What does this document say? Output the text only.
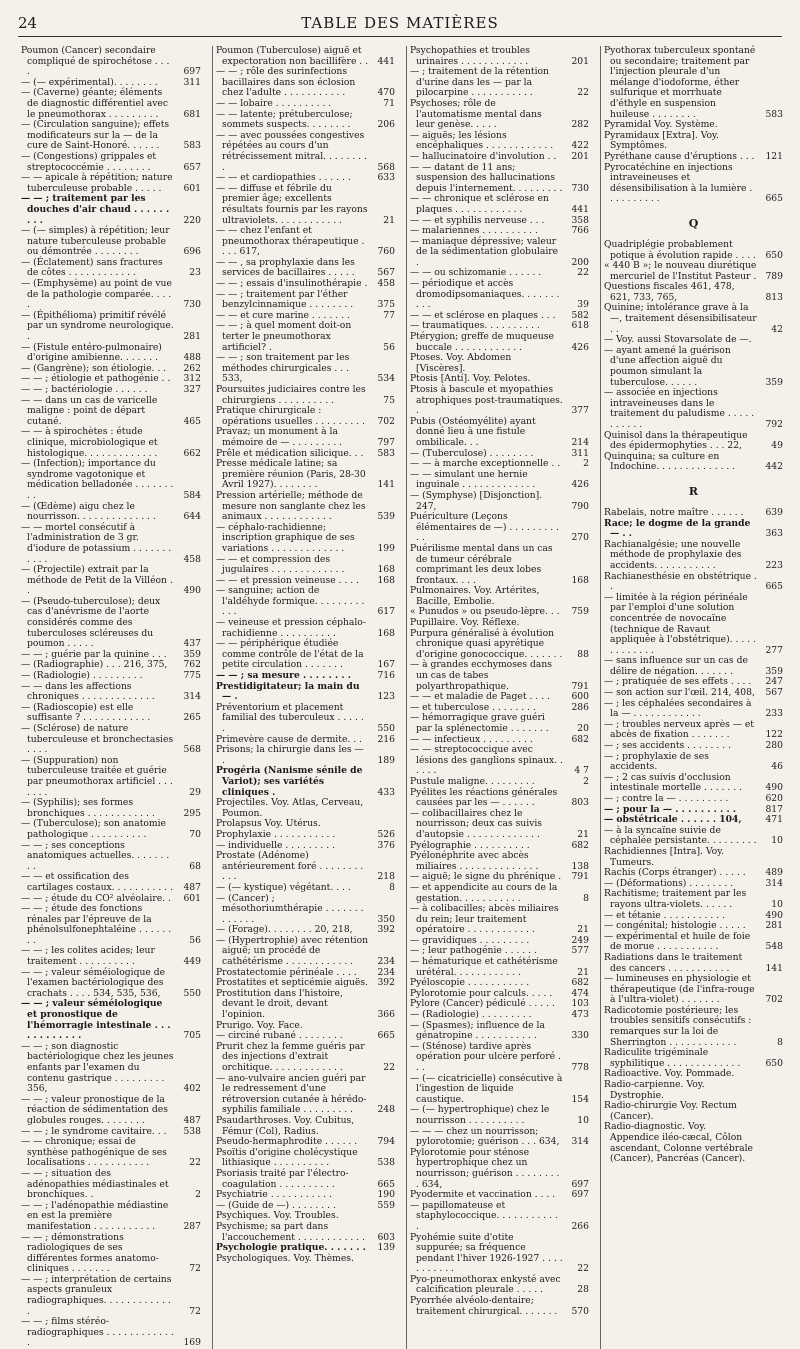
24	TABLE DES MATIÈRES
Poumon (Cancer) secondaire compliqué de spirochétose . . . .	697
— (— expérimental). . . . . . . .	311
— (Caverne) géante; éléments de diagnostic différentiel avec le pneumothorax . . . . . . . . .	681
— (Circulation sanguine); effets modificateurs sur la — de la cure de Saint-Honoré. . . . . .	583
— (Congestions) grippales et streptococcémie . . . . . . . .	657
— — apicale à répétition; nature tuberculeuse probable . . . . . 601
— — ; traitement par les douches d'air chaud . . . . . . . . .	220
— (— simples) à répétition; leur nature tuberculeuse probable ou démontrée . . . . . . . .	696
— (Éclatement) sans fractures de côtes . . . . . . . . . . . .	23
— (Emphysème) au point de vue de la pathologie comparée. . . . .	730
— (Épithélioma) primitif révélé par un syndrome neurologique. .	281
— (Fistule entéro-pulmonaire) d'origine amibienne. . . . . . .	488
— (Gangrène); son étiologie. . . 262
— — ; étiologie et pathogénie . . 312
— — ; bactériologie . . . . . .	327
— — dans un cas de varicelle maligne : point de départ cutané.	465
— — à spirochètes : étude clinique, microbiologique et histologique. . . . . . . . . . . . .	662
— (Infection); importance du syndrome vagotonique et médication belladonée . . . . . . . . .	584
— (Œdème) aigu chez le nourrisson. . . . . . . . . . . . . .	644
— — mortel consécutif à l'administration de 3 gr. d'iodure de potassium . . . . . . . . . . .	458
— (Projectile) extrait par la méthode de Petit de la Villéon . .	490
— (Pseudo-tuberculose); deux cas d'anévrisme de l'aorte considérés comme des tuberculoses scléreuses du poumon . . . . .	437
— — ; guérie par la quinine . . . 359
— (Radiographie) . . . 216, 375, 762
— (Radiologie) . . . . . . . . .	775
— — dans les affections chroniques . . . . . . . . . . . . .	314
— (Radioscopie) est elle suffisante ? . . . . . . . . . . . .	265
— (Sclérose) de nature tuberculeuse et bronchectasies . . . .	568
— (Suppuration) non tuberculeuse traitée et guérie par pneumothorax artificiel . . . . . . .	29
— (Syphilis); ses formes bronchiques . . . . . . . . . . . .	295
— (Tuberculose); son anatomie pathologique . . . . . . . . . .	70
— — ; ses conceptions anatomiques actuelles. . . . . . . . .	68
— — et ossification des cartilages costaux. . . . . . . . . . . 487
— — ; étude du CO² alvéolaire. . 601
— — ; étude des fonctions rénales par l'épreuve de la phénolsulfonephtaléine . . . . . . . .	56
— — ; les colites acides; leur traitement . . . . . . . . . .	449
— — ; valeur séméiologique de l'examen bactériologique des crachats . . . . 534, 535, 536, 550
— — ; valeur séméiologique et pronostique de l'hémorragie intestinale . . . . . . . . . . . .	705
— — ; son diagnostic bactériologique chez les jeunes enfants par l'examen du contenu gastrique . . . . . . . . . 356,	402
— — ; valeur pronostique de la réaction de sédimentation des globules rouges. . . . . . . .	487
— — ; le syndrome cavitaire. . . 538
— — chronique; essai de synthèse pathogénique de ses localisations . . . . . . . . . . .	22
— — ; situation des adénopathies médiastinales et bronchiques. .	2
— — ; l'adénopathie médiastine en est la première manifestation . . . . . . . . . . .	287
— — ; démonstrations radiologiques de ses différentes formes anatomo-cliniques . . . . . . .	72
— — ; interprétation de certains aspects granuleux radiographiques. . . . . . . . . . . . .	72
— — ; films stéréo-radiographiques . . . . . . . . . . . . .	169
Poumon (Tuberculose) aiguë et expectoration non bacillifère . . 441
— — ; rôle des surinfections bacillaires dans son éclosion chez l'adulte . . . . . . . . . . .	470
— — lobaire . . . . . . . . . .	71
— — latente; prétuberculose; sommets suspects. . . . . . . .	206
— — avec poussées congestives répétées au cours d'un rétrécissement mitral. . . . . . . . .	568
— — et cardiopathies . . . . . .	633
— — diffuse et fébrile du premier âge; excellents résultats fournis par les rayons ultraviolets. . . . . . . . . . . .	21
— — chez l'enfant et pneumothorax thérapeutique . . . . 617,	760
— — , sa prophylaxie dans les services de bacillaires . . . . . 567
— — ; essais d'insulinothérapie . 458
— — ; traitement par l'éther benzylcinnamique . . . . . . . .	375
— — et cure marine . . . . . . .	77
— — ; à quel moment doit-on terter le pneumothorax artificiel? .	56
— — ; son traitement par les méthodes chirurgicales . . . 533,	534
Poursuites judiciaires contre les chirurgiens . . . . . . . . . .	75
Pratique chirurgicale : opérations usuelles . . . . . . . . . 702
Pravaz; un monument à la mémoire de — . . . . . . . . .	797
Prêle et médication silicique. . . 583
Presse médicale latine; sa première réunion (Paris, 28-30 Avril 1927). . . . . . . .	141
Pression artérielle; méthode de mesure non sanglante chez les animaux . . . . . . . . . . . .	539
— céphalo-rachidienne; inscription graphique de ses variations . . . . . . . . . . . . .	199
— — et compression des jugulaires . . . . . . . . . . . . .	168
— — et pression veineuse . . . . 168
— sanguine; action de l'aldéhyde formique. . . . . . . . . . . .	617
— veineuse et pression céphalo-rachidienne . . . . . . . . . .	168
— — périphérique étudiée comme contrôle de l'état de la petite circulation . . . . . . .	167
— — ; sa mesure . . . . . . . .	716
Prestidigitateur; la main du — .	123
Préventorium et placement familial des tuberculeux . . . . . .	550
Primevère cause de dermite. . . 216
Prisons; la chirurgie dans les — .	189
Progéria (Nanisme sénile de Variot); ses variétés cliniques .	433
Projectiles. Voy. Atlas, Cerveau, Poumon.
Prolapsus Voy. Utérus.
Prophylaxie . . . . . . . . . . .	526
— individuelle . . . . . . . . .	376
Prostate (Adénome) antérieurement foré . . . . . . . . . . .	218
— (— kystique) végétant. . . .	8
— (Cancer) ; mésothoriumthérapie . . . . . . . . . . . . .	350
— (Forage). . . . . . . . 20, 218,	392
— (Hypertrophie) avec rétention aiguë; un procédé de cathétérisme . . . . . . . . . . . .	234
Prostatectomie périnéale . . . . 234
Prostatites et septicémie aiguës. 392
Prostitution dans l'histoire, devant le droit, devant l'opinion.	366
Prurigo. Voy. Face.
— circiné rubané . . . . . . . .	665
Prurit chez la femme guéris par des injections d'extrait orchitique. . . . . . . . . . . . .	22
— ano-vulvaire ancien guéri par le redressement d'une rétroversion cutanée à hérédo-syphilis familiale . . . . . . . . .	248
Psaudarthroses. Voy. Cubitus, Fémur (Col), Radius.
Pseudo-hermaphrodite . . . . . . 794
Psoïtis d'origine cholécystique lithiasique . . . . . . . . . .	538
Psoriasis traité par l'électro-coagulation . . . . . . . . . .	665
Psychiatrie . . . . . . . . . . .	190
— (Guide de —) . . . . . . . .	559
Psychiques. Voy. Troubles.
Psychisme; sa part dans l'accouchement . . . . . . . . . . . . 603
Psychologie pratique. . . . . . . 139
Psychologiques. Voy. Thèmes.
Psychopathies et troubles urinaires . . . . . . . . . . . .	201
— ; traitement de la rétention d'urine dans les — par la pilocarpine . . . . . . . . . . .	22
Psychoses; rôle de l'automatisme mental dans leur genèse. . . . .	282
— aiguës; les lésions encéphaliques . . . . . . . . . . . . 422
— hallucinatoire d'involution . . 201
— — datant de 11 ans; suspension des hallucinations depuis l'internement. . . . . . . . . 730
— — chronique et sclérose en plaques . . . . . . . . . . . .	441
— — et syphilis nerveuse . . .	358
— malariennes . . . . . . . . . .	766
— maniaque dépressive; valeur de la sédimentation globulaire .	200
— — ou schizomanie . . . . . .	22
— périodique et accès dromodipsomaniaques. . . . . . . . . .	39
— — et sclérose en plaques . . . 582
— traumatiques. . . . . . . . . .	618
Ptérygion; greffe de muqueuse buccale . . . . . . . . . . . .	426
Ptoses. Voy. Abdomen [Viscères].
Ptosis [Antí]. Voy. Pelotes.
Ptosis à bascule et myopathies atrophiques post-traumatiques. .	377
Pubis (Ostéomyélite) ayant donné lieu à une fistule ombilicale. . .	214
— (Tuberculose) . . . . . . . .	311
— — à marche exceptionnelle . .	2
— — simulant une hernie inguinale . . . . . . . . . . . . .	426
— (Symphyse) [Disjonction]. 247,	790
Puériculture (Leçons élémentaires de —) . . . . . . . . . . .	270
Puérilisme mental dans un cas de tumeur cérébrale comprimant les deux lobes frontaux. . . .	168
Pulmonaires. Voy. Artérites, Bacille, Embolie.
« Punudos » ou pseudo-lèpre. . . 759
Pupillaire. Voy. Réflexe.
Purpura généralisé à évolution chronique quasi apyrétique d'origine gonococcique. . . . . . . 88
— à grandes ecchymoses dans un cas de tabes polyarthropathique.	791
— — et maladie de Paget . . . . 600
— et tuberculose . . . . . . . .	286
— hémorragique grave guéri par la splénectomie . . . . . . .	20
— — infectieux . . . . . . . . .	682
— — streptococcique avec lésions des ganglions spinaux. . . . . .	4 7
Pustule maligne. . . . . . . . .	2
Pyélites les réactions générales causées par les — . . . . . .	803
— colibacillaires chez le nourrisson; deux cas suivis d'autopsie . . . . . . . . . . . . .	21
Pyélographie . . . . . . . . . .	682
Pyélonéphrite avec abcès miliaires . . . . . . . . . . . . . .	138
— aiguë; le signe du phrénique . 791
— et appendicite au cours de la gestation. . . . . . . . . . .	8
— à colibacilles; abcès miliaires du rein; leur traitement opératoire . . . . . . . . . . . .	21
— gravidiques . . . . . . . . .	249
— ; leur pathogénie . . . . . .	577
— hématurique et cathétérisme urétéral. . . . . . . . . . . .	21
Pyéloscopie . . . . . . . . . . .	682
Pylorotomie pour calculs. . . . . 474
Pylore (Cancer) pédiculé . . . . . 103
— (Radiologie) . . . . . . . . .	473
— (Spasmes); influence de la génatropine . . . . . . . . . . .	330
— (Sténose) tardive après opération pour ulcère perforé . . .	778
— (— cicatricielle) consécutive à l'ingestion de liquide caustique.	154
— (— hypertrophique) chez le nourrisson . . . . . . . . . .	10
— — — chez un nourrisson; pylorotomie; guérison . . . 634, 314
Pylorotomie pour sténose hypertrophique chez un nourrisson; guérison . . . . . . . . . 634,	697
Pyodermite et vaccination . . . . 697
— papillomateuse et staphylococcique. . . . . . . . . . . .	266
Pyohémie suite d'otite suppurée; sa fréquence pendant l'hiver 1926-1927 . . . . . . . . . . .	22
Pyo-pneumothorax enkysté avec calcification pleurale . . . . .	28
Pyorrhée alvéolo-dentaire; traitement chirurgical. . . . . . . 570
Pyothorax tuberculeux spontané ou secondaire; traitement par l'injection pleurale d'un mélange d'iodoforme, éther sulfurique et morrhuate d'éthyle en suspension huileuse . . . . . . . .	583
Pyramidal Voy. Système.
Pyramidaux [Extra]. Voy. Symptômes.
Pyréthane cause d'éruptions . . . 121
Pyrocatéchine en injections intraveineuses et désensibilisation à la lumière . . . . . . . . . .	665
Q
Quadriplégie probablement potique à évolution rapide . . . . 650
« 440 B »; le nouveau diurétique mercuriel de l'Institut Pasteur . 789
Questions fiscales 461, 478, 621, 733, 765,	813
Quinine; intolérance grave à la —, traitement désensibilisateur . .	42
— Voy. aussi Stovarsolate de —.
— ayant amené la guérison d'une affection aiguë du poumon simulant la tuberculose. . . . . .	359
— associée en injections intraveineuses dans le traitement du paludisme . . . . . . . . . . .	792
Quinisol dans la thérapeutique des épidermophyties . . . 22,	49
Quinquina; sa culture en Indochine. . . . . . . . . . . . . .	442
R
Rabelais, notre maître . . . . . . 639
Race; le dogme de la grande — . .	363
Rachianalgésie; une nouvelle méthode de prophylaxie des accidents. . . . . . . . . . .	223
Rachianesthésie en obstétrique . .	665
— limitée à la région périnéale par l'emploi d'une solution concentrée de novocaïne (technique de Ravaut appliquée à l'obstétrique). . . . . . . . . . . . .	277
— sans influence sur un cas de délire de négation. . . . . . .	359
— ; pratiquée de ses effets . . . . 247
— son action sur l'œil. 214, 408, 567
— ; les céphalées secondaires à la — . . . . . . . . . . . .	233
— ; troubles nerveux après — et abcès de fixation . . . . . . .	122
— ; ses accidents . . . . . . . .	280
— ; prophylaxie de ses accidents.	46
— ; 2 cas suivis d'occlusion intestinale mortelle . . . . . . .	490
— ; contre la — . . . . . . . . .	620
— ; pour la — . . . . . . . . . .	817
— obstétricale . . . . . . 104,	471
— à la syncaïne suivie de céphalée persistante. . . . . . . . . 10
Rachidiennes [Intra]. Voy. Tumeurs.
Rachis (Corps étranger) . . . . . 489
— (Déformations) . . . . . . . .	314
Rachitisme; traitement par les rayons ultra-violets. . . . . .	10
— et tétanie . . . . . . . . . . .	490
— congénital; histologie . . . . . 281
— expérimental et huile de foie de morue . . . . . . . . . . .	548
Radiations dans le traitement des cancers . . . . . . . . . . .	141
— lumineuses en physiologie et thérapeutique (de l'infra-rouge à l'ultra-violet) . . . . . . .	702
Radicotomie postérieure; les troubles sensitifs consécutifs : remarques sur la loi de Sherrington . . . . . . . . . . . .	8
Radiculite trigéminale syphilitique . . . . . . . . . . . . .	650
Radioactive. Voy. Pommade.
Radio-carpienne. Voy. Dystrophie.
Radio-chirurgie Voy. Rectum (Cancer).
Radio-diagnostic. Voy. Appendice iléo-cæcal, Côlon ascendant, Colonne vertébrale (Cancer), Pancréas (Cancer).
